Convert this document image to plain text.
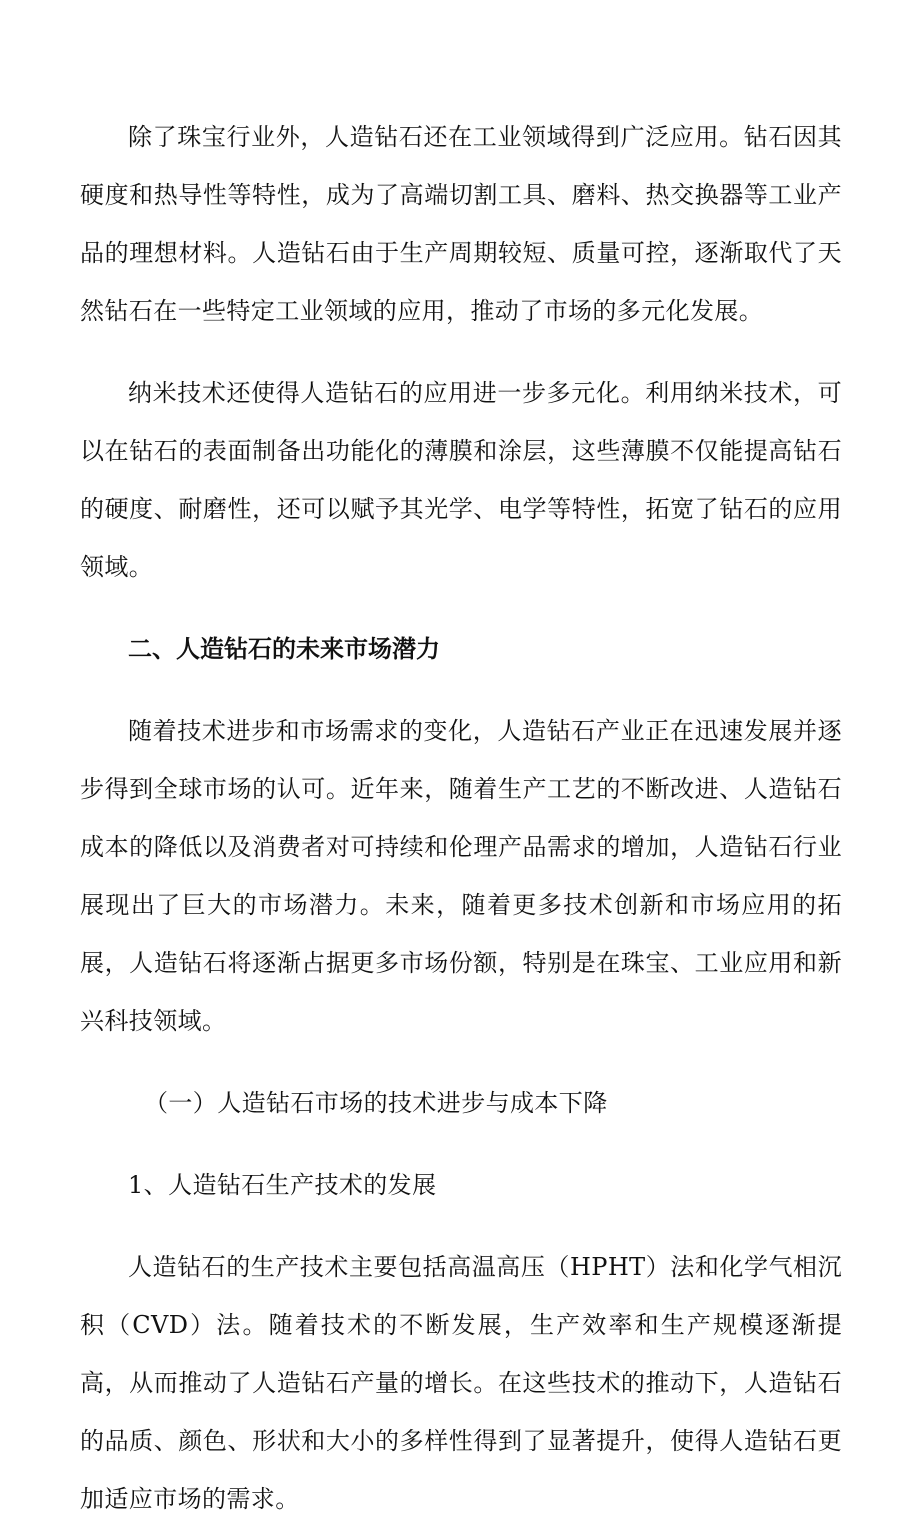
除了珠宝行业外，人造钻石还在工业领域得到广泛应用。钻石因其硬度和热导性等特性，成为了高端切割工具、磨料、热交换器等工业产品的理想材料。人造钻石由于生产周期较短、质量可控，逐渐取代了天然钻石在一些特定工业领域的应用，推动了市场的多元化发展。

纳米技术还使得人造钻石的应用进一步多元化。利用纳米技术，可以在钻石的表面制备出功能化的薄膜和涂层，这些薄膜不仅能提高钻石的硬度、耐磨性，还可以赋予其光学、电学等特性，拓宽了钻石的应用领域。

二、人造钻石的未来市场潜力

随着技术进步和市场需求的变化，人造钻石产业正在迅速发展并逐步得到全球市场的认可。近年来，随着生产工艺的不断改进、人造钻石成本的降低以及消费者对可持续和伦理产品需求的增加，人造钻石行业展现出了巨大的市场潜力。未来，随着更多技术创新和市场应用的拓展，人造钻石将逐渐占据更多市场份额，特别是在珠宝、工业应用和新兴科技领域。

（一）人造钻石市场的技术进步与成本下降

1、人造钻石生产技术的发展

人造钻石的生产技术主要包括高温高压（HPHT）法和化学气相沉积（CVD）法。随着技术的不断发展，生产效率和生产规模逐渐提高，从而推动了人造钻石产量的增长。在这些技术的推动下，人造钻石的品质、颜色、形状和大小的多样性得到了显著提升，使得人造钻石更加适应市场的需求。
